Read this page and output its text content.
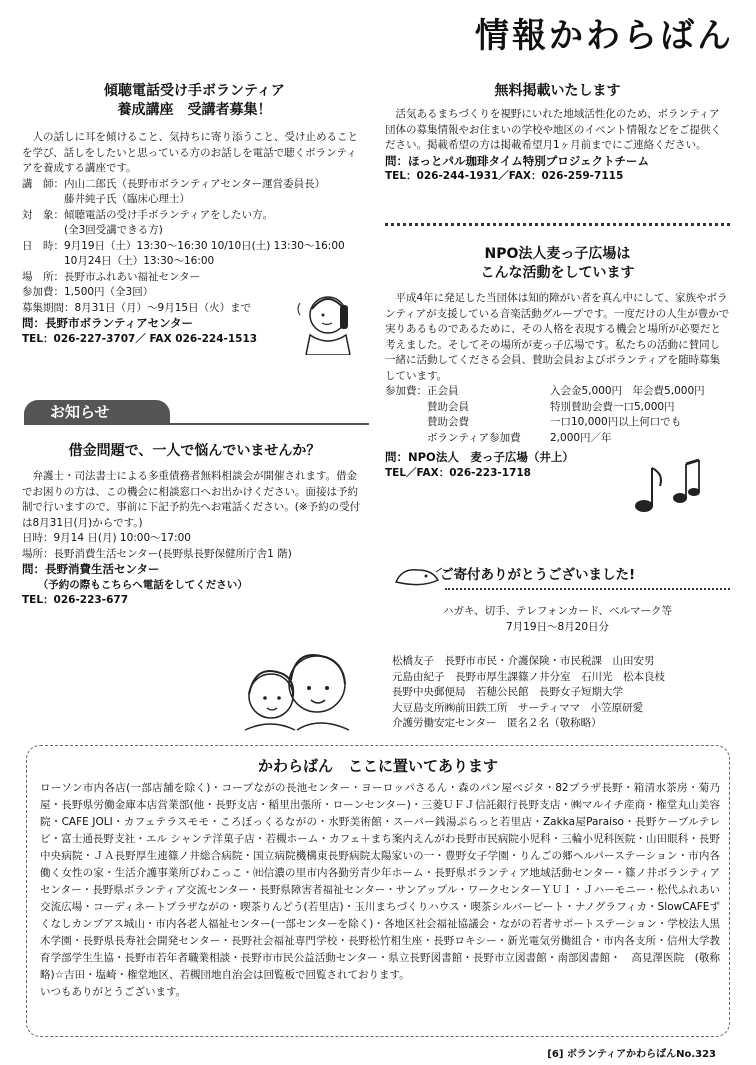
情報かわらばん

傾聴電話受け手ボランティア

養成講座　受講者募集！

人の話しに耳を傾けること、気持ちに寄り添うこと、受け止めることを学び、話しをしたいと思っている方のお話しを電話で聴くボランティアを養成する講座です。

講　師：内山二郎氏（長野市ボランティアセンター運営委員長）

　　　　藤井純子氏（臨床心理士）

対　象：傾聴電話の受け手ボランティアをしたい方。

　　　　(全3回受講できる方)

日　時：9月19日（土）13:30～16:30 10/10日(土) 13:30～16:00

　　　　10月24日（土）13:30～16:00

場　所：長野市ふれあい福祉センター

参加費：1,500円（全3回）

募集期間：8月31日（月）～9月15日（火）まで

問：長野市ボランティアセンター

TEL：026-227-3707／ FAX 026-224-1513

お知らせ

借金問題で、一人で悩んでいませんか？

弁護士・司法書士による多重債務者無料相談会が開催されます。借金でお困りの方は、この機会に相談窓口へお出かけください。面接は予約制で行いますので、事前に下記予約先へお電話ください。(※予約の受付は8月31日(月)からです。)

日時：9月14 日(月) 10:00～17:00

場所：長野消費生活センター(長野県長野保健所庁舎1 階)

問：長野消費生活センター

（予約の際もこちらへ電話をしてください）

TEL：026-223-677

無料掲載いたします

活気あるまちづくりを視野にいれた地域活性化のため、ボランティア団体の募集情報やお住まいの学校や地区のイベント情報などをご提供ください。掲載希望の方は掲載希望月1ヶ月前までにご連絡ください。

問：ほっとパル珈琲タイム特別プロジェクトチーム

TEL：026-244-1931／FAX：026-259-7115

NPO法人麦っ子広場は

こんな活動をしています

平成4年に発足した当団体は知的障がい者を真ん中にして、家族やボランティアが支援している音楽活動グループです。一度だけの人生が豊かで実りあるものであるために、その人格を表現する機会と場所が必要だと考えました。そしてその場所が麦っ子広場です。私たちの活動に賛同し一緒に活動してくださる会員、賛助会員およびボランティアを随時募集しています。

参加費：正会員	入会金5,000円　年会費5,000円
　　　　賛助会員	特別賛助会費一口5,000円
　　　　賛助会費	一口10,000円以上何口でも
　　　　ボランティア参加費	2,000円／年

問：NPO法人　麦っ子広場（井上）

TEL／FAX：026-223-1718

ご寄付ありがとうございました!

ハガキ、切手、テレフォンカード、ベルマーク等

7月19日～8月20日分

松橋友子　長野市市民・介護保険・市民税課　山田安男

元島由紀子　長野市厚生課篠ノ井分室　石川光　松本良枝

長野中央郵便局　若穂公民館　長野女子短期大学

大豆島支所㈱前田鉄工所　サーティママ　小笠原研愛

介護労働安定センター　匿名２名（敬称略）

かわらばん　ここに置いてあります
ローソン市内各店(一部店舗を除く)・コープながの長池センター・ヨーロッパさるん・森のパン屋ベジタ・82プラザ長野・箱清水茶房・菊乃屋・長野県労働金庫本店営業部(他・長野支店・稲里出張所・ローンセンター)・三菱ＵＦＪ信託銀行長野支店・㈱マルイチ産商・権堂丸山美容院・CAFE JOLI・カフェテラスモモ・ころぼっくるながの・水野美術館・スーパー銭湯ぷらっと若里店・Zakka屋Paraiso・長野ケーブルテレビ・富士通長野支社・エル シャンテ洋菓子店・若槻ホーム・カフェ＋まち案内えんがわ長野市民病院小児科・三輪小児科医院・山田眼科・長野中央病院・ＪＡ長野厚生連篠ノ井総合病院・国立病院機構東長野病院太陽家いの一・豊野女子学園・りんごの郷ヘルパーステーション・市内各働く女性の家・生活介護事業所びわこっこ・㈳信濃の里市内各勤労青少年ホーム・長野県ボランティア地域活動センター・篠ノ井ボランティアセンター・長野県ボランティア交流センター・長野県障害者福祉センター・サンアップル・ワークセンターＹＵＩ・Ｊハーモニー・松代ふれあい交流広場・コーディネートプラザながの・喫茶りんどう(若里店)・玉川まちづくりハウス・喫茶シルバービート・ナノグラフィカ・SlowCAFEずくなしカンブアス城山・市内各老人福祉センター(一部センターを除く)・各地区社会福祉協議会・ながの若者サポートステーション・学校法人黒木学園・長野県長寿社会開発センター・長野社会福祉専門学校・長野松竹相生座・長野ロキシー・新光電気労働組合・市内各支所・信州大学教育学部学生生協・長野市若年者職業相談・長野市市民公益活動センター・県立長野図書館・長野市立図書館・南部図書館・　高見澤医院　(敬称略)☆吉田・塩崎・権堂地区、若槻団地自治会は回覧板で回覧されております。
いつもありがとうございます。
[6] ボランティアかわらばんNo.323
